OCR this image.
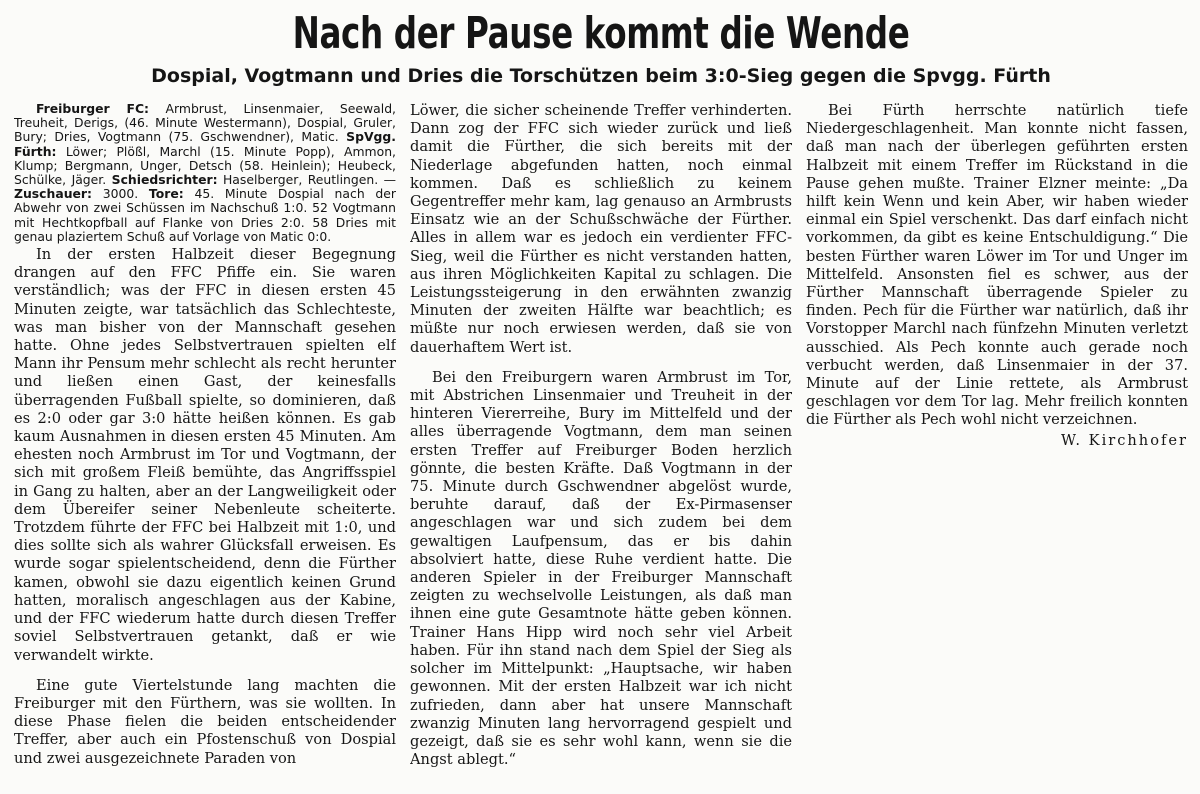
Nach der Pause kommt die Wende
Dospial, Vogtmann und Dries die Torschützen beim 3:0-Sieg gegen die Spvgg. Fürth

Freiburger FC: Armbrust, Linsenmaier, Seewald, Treuheit, Derigs, (46. Minute Westermann), Dospial, Gruler, Bury; Dries, Vogtmann (75. Gschwendner), Matic. SpVgg. Fürth: Löwer; Plößl, Marchl (15. Minute Popp), Ammon, Klump; Bergmann, Unger, Detsch (58. Heinlein); Heubeck, Schülke, Jäger. Schiedsrichter: Haselberger, Reutlingen. — Zuschauer: 3000. Tore: 45. Minute Dospial nach der Abwehr von zwei Schüssen im Nachschuß 1:0. 52 Vogtmann mit Hechtkopfball auf Flanke von Dries 2:0. 58 Dries mit genau plaziertem Schuß auf Vorlage von Matic 0:0.

In der ersten Halbzeit dieser Begegnung drangen auf den FFC Pfiffe ein. Sie waren verständlich; was der FFC in diesen ersten 45 Minuten zeigte, war tatsächlich das Schlechteste, was man bisher von der Mannschaft gesehen hatte. Ohne jedes Selbstvertrauen spielten elf Mann ihr Pensum mehr schlecht als recht herunter und ließen einen Gast, der keinesfalls überragenden Fußball spielte, so dominieren, daß es 2:0 oder gar 3:0 hätte heißen können. Es gab kaum Ausnahmen in diesen ersten 45 Minuten. Am ehesten noch Armbrust im Tor und Vogtmann, der sich mit großem Fleiß bemühte, das Angriffsspiel in Gang zu halten, aber an der Langweiligkeit oder dem Übereifer seiner Nebenleute scheiterte. Trotzdem führte der FFC bei Halbzeit mit 1:0, und dies sollte sich als wahrer Glücksfall erweisen. Es wurde sogar spielentscheidend, denn die Fürther kamen, obwohl sie dazu eigentlich keinen Grund hatten, moralisch angeschlagen aus der Kabine, und der FFC wiederum hatte durch diesen Treffer soviel Selbstvertrauen getankt, daß er wie verwandelt wirkte.

Eine gute Viertelstunde lang machten die Freiburger mit den Fürthern, was sie wollten. In diese Phase fielen die beiden entscheidender Treffer, aber auch ein Pfostenschuß von Dospial und zwei ausgezeichnete Paraden von

Löwer, die sicher scheinende Treffer verhinderten. Dann zog der FFC sich wieder zurück und ließ damit die Fürther, die sich bereits mit der Niederlage abgefunden hatten, noch einmal kommen. Daß es schließlich zu keinem Gegentreffer mehr kam, lag genauso an Armbrusts Einsatz wie an der Schußschwäche der Fürther. Alles in allem war es jedoch ein verdienter FFC-Sieg, weil die Fürther es nicht verstanden hatten, aus ihren Möglichkeiten Kapital zu schlagen. Die Leistungssteigerung in den erwähnten zwanzig Minuten der zweiten Hälfte war beachtlich; es müßte nur noch erwiesen werden, daß sie von dauerhaftem Wert ist.

Bei den Freiburgern waren Armbrust im Tor, mit Abstrichen Linsenmaier und Treuheit in der hinteren Viererreihe, Bury im Mittelfeld und der alles überragende Vogtmann, dem man seinen ersten Treffer auf Freiburger Boden herzlich gönnte, die besten Kräfte. Daß Vogtmann in der 75. Minute durch Gschwendner abgelöst wurde, beruhte darauf, daß der Ex-Pirmasenser angeschlagen war und sich zudem bei dem gewaltigen Laufpensum, das er bis dahin absolviert hatte, diese Ruhe verdient hatte. Die anderen Spieler in der Freiburger Mannschaft zeigten zu wechselvolle Leistungen, als daß man ihnen eine gute Gesamtnote hätte geben können. Trainer Hans Hipp wird noch sehr viel Arbeit haben. Für ihn stand nach dem Spiel der Sieg als solcher im Mittelpunkt: „Hauptsache, wir haben gewonnen. Mit der ersten Halbzeit war ich nicht zufrieden, dann aber hat unsere Mannschaft zwanzig Minuten lang hervorragend gespielt und gezeigt, daß sie es sehr wohl kann, wenn sie die Angst ablegt.“

Bei Fürth herrschte natürlich tiefe Niedergeschlagenheit. Man konnte nicht fassen, daß man nach der überlegen geführten ersten Halbzeit mit einem Treffer im Rückstand in die Pause gehen mußte. Trainer Elzner meinte: „Da hilft kein Wenn und kein Aber, wir haben wieder einmal ein Spiel verschenkt. Das darf einfach nicht vorkommen, da gibt es keine Entschuldigung.“ Die besten Fürther waren Löwer im Tor und Unger im Mittelfeld. Ansonsten fiel es schwer, aus der Fürther Mannschaft überragende Spieler zu finden. Pech für die Fürther war natürlich, daß ihr Vorstopper Marchl nach fünfzehn Minuten verletzt ausschied. Als Pech konnte auch gerade noch verbucht werden, daß Linsenmaier in der 37. Minute auf der Linie rettete, als Armbrust geschlagen vor dem Tor lag. Mehr freilich konnten die Fürther als Pech wohl nicht verzeichnen.

W. Kirchhofer
